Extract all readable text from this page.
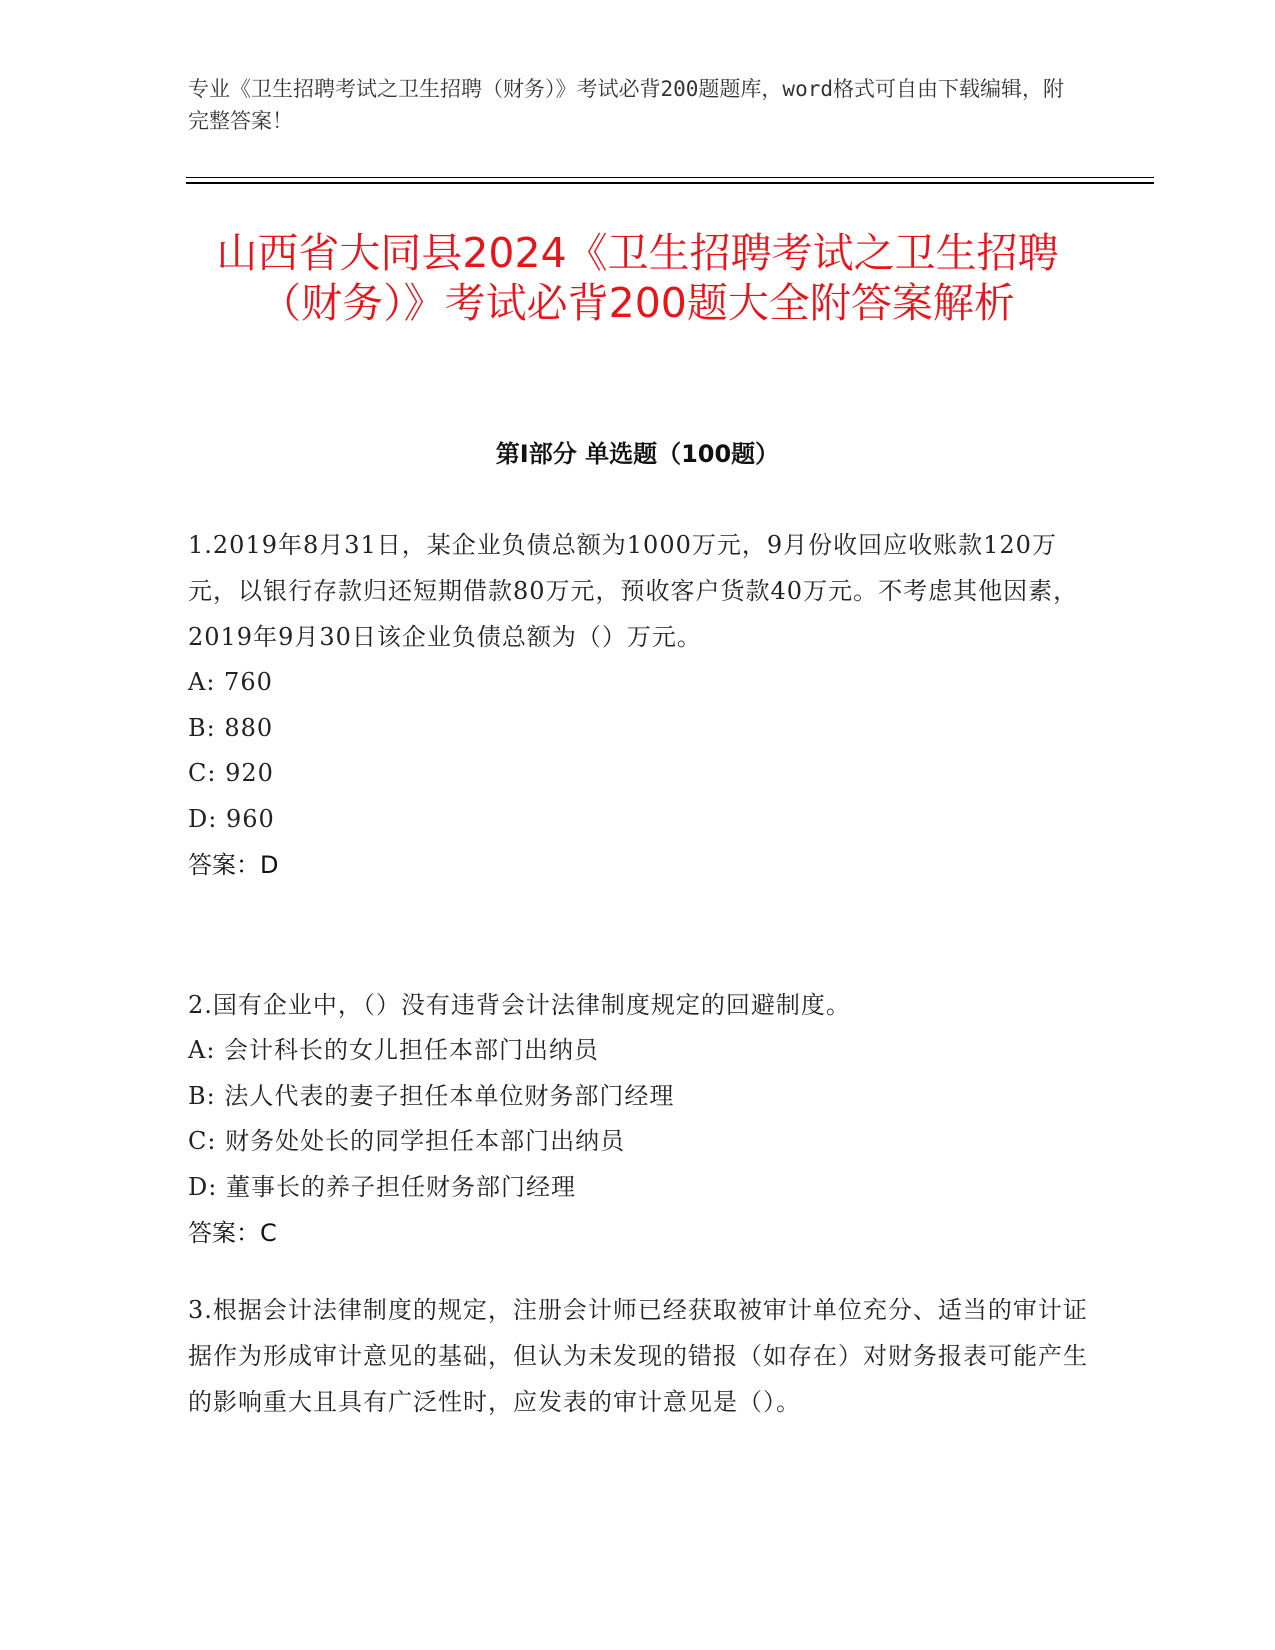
专业《卫生招聘考试之卫生招聘（财务）》考试必背200题题库，word格式可自由下载编辑，附完整答案！
山西省大同县2024《卫生招聘考试之卫生招聘（财务）》考试必背200题大全附答案解析
第I部分 单选题（100题）
1.2019年8月31日，某企业负债总额为1000万元，9月份收回应收账款120万元，以银行存款归还短期借款80万元，预收客户货款40万元。不考虑其他因素，2019年9月30日该企业负债总额为（）万元。
A: 760
B: 880
C: 920
D: 960
答案：D
2.国有企业中，（）没有违背会计法律制度规定的回避制度。
A: 会计科长的女儿担任本部门出纳员
B: 法人代表的妻子担任本单位财务部门经理
C: 财务处处长的同学担任本部门出纳员
D: 董事长的养子担任财务部门经理
答案：C
3.根据会计法律制度的规定，注册会计师已经获取被审计单位充分、适当的审计证据作为形成审计意见的基础，但认为未发现的错报（如存在）对财务报表可能产生的影响重大且具有广泛性时，应发表的审计意见是（）。
